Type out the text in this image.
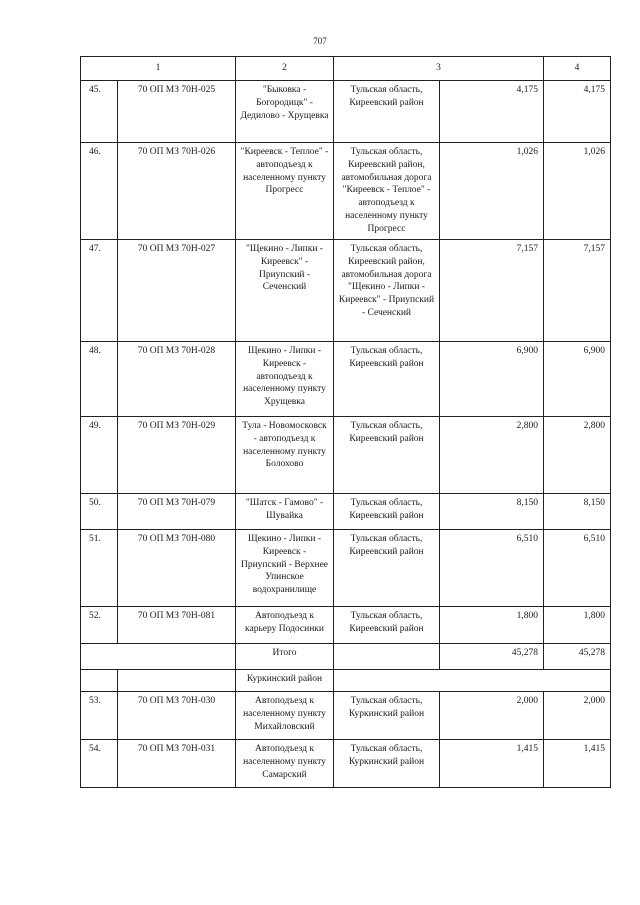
707
1		2	3		4
45.	70 ОП МЗ 70Н-025	"Быковка - Богородицк" - Дедилово - Хрущевка	Тульская область, Киреевский район	4,175	4,175
46.	70 ОП МЗ 70Н-026	"Киреевск - Теплое" - автоподъезд к населенному пункту Прогресс	Тульская область, Киреевский район, автомобильная дорога "Киреевск - Теплое" - автоподъезд к населенному пункту Прогресс	1,026	1,026
47.	70 ОП МЗ 70Н-027	"Щекино - Липки - Киреевск" - Приупский - Сеченский	Тульская область, Киреевский район, автомобильная дорога "Щекино - Липки - Киреевск" - Приупский - Сеченский	7,157	7,157
48.	70 ОП МЗ 70Н-028	Щекино - Липки - Киреевск - автоподъезд к населенному пункту Хрущевка	Тульская область, Киреевский район	6,900	6,900
49.	70 ОП МЗ 70Н-029	Тула - Новомосковск - автоподъезд к населенному пункту Болохово	Тульская область, Киреевский район	2,800	2,800
50.	70 ОП МЗ 70Н-079	"Шатск - Гамово" - Шувайка	Тульская область, Киреевский район	8,150	8,150
51.	70 ОП МЗ 70Н-080	Щекино - Липки - Киреевск - Приупский - Верхнее Упинское водохранилище	Тульская область, Киреевский район	6,510	6,510
52.	70 ОП МЗ 70Н-081	Автоподъезд к карьеру Подосинки	Тульская область, Киреевский район	1,800	1,800
		Итого		45,278	45,278
		Куркинский район			
53.	70 ОП МЗ 70Н-030	Автоподъезд к населенному пункту Михайловский	Тульская область, Куркинский район	2,000	2,000
54.	70 ОП МЗ 70Н-031	Автоподъезд к населенному пункту Самарский	Тульская область, Куркинский район	1,415	1,415
